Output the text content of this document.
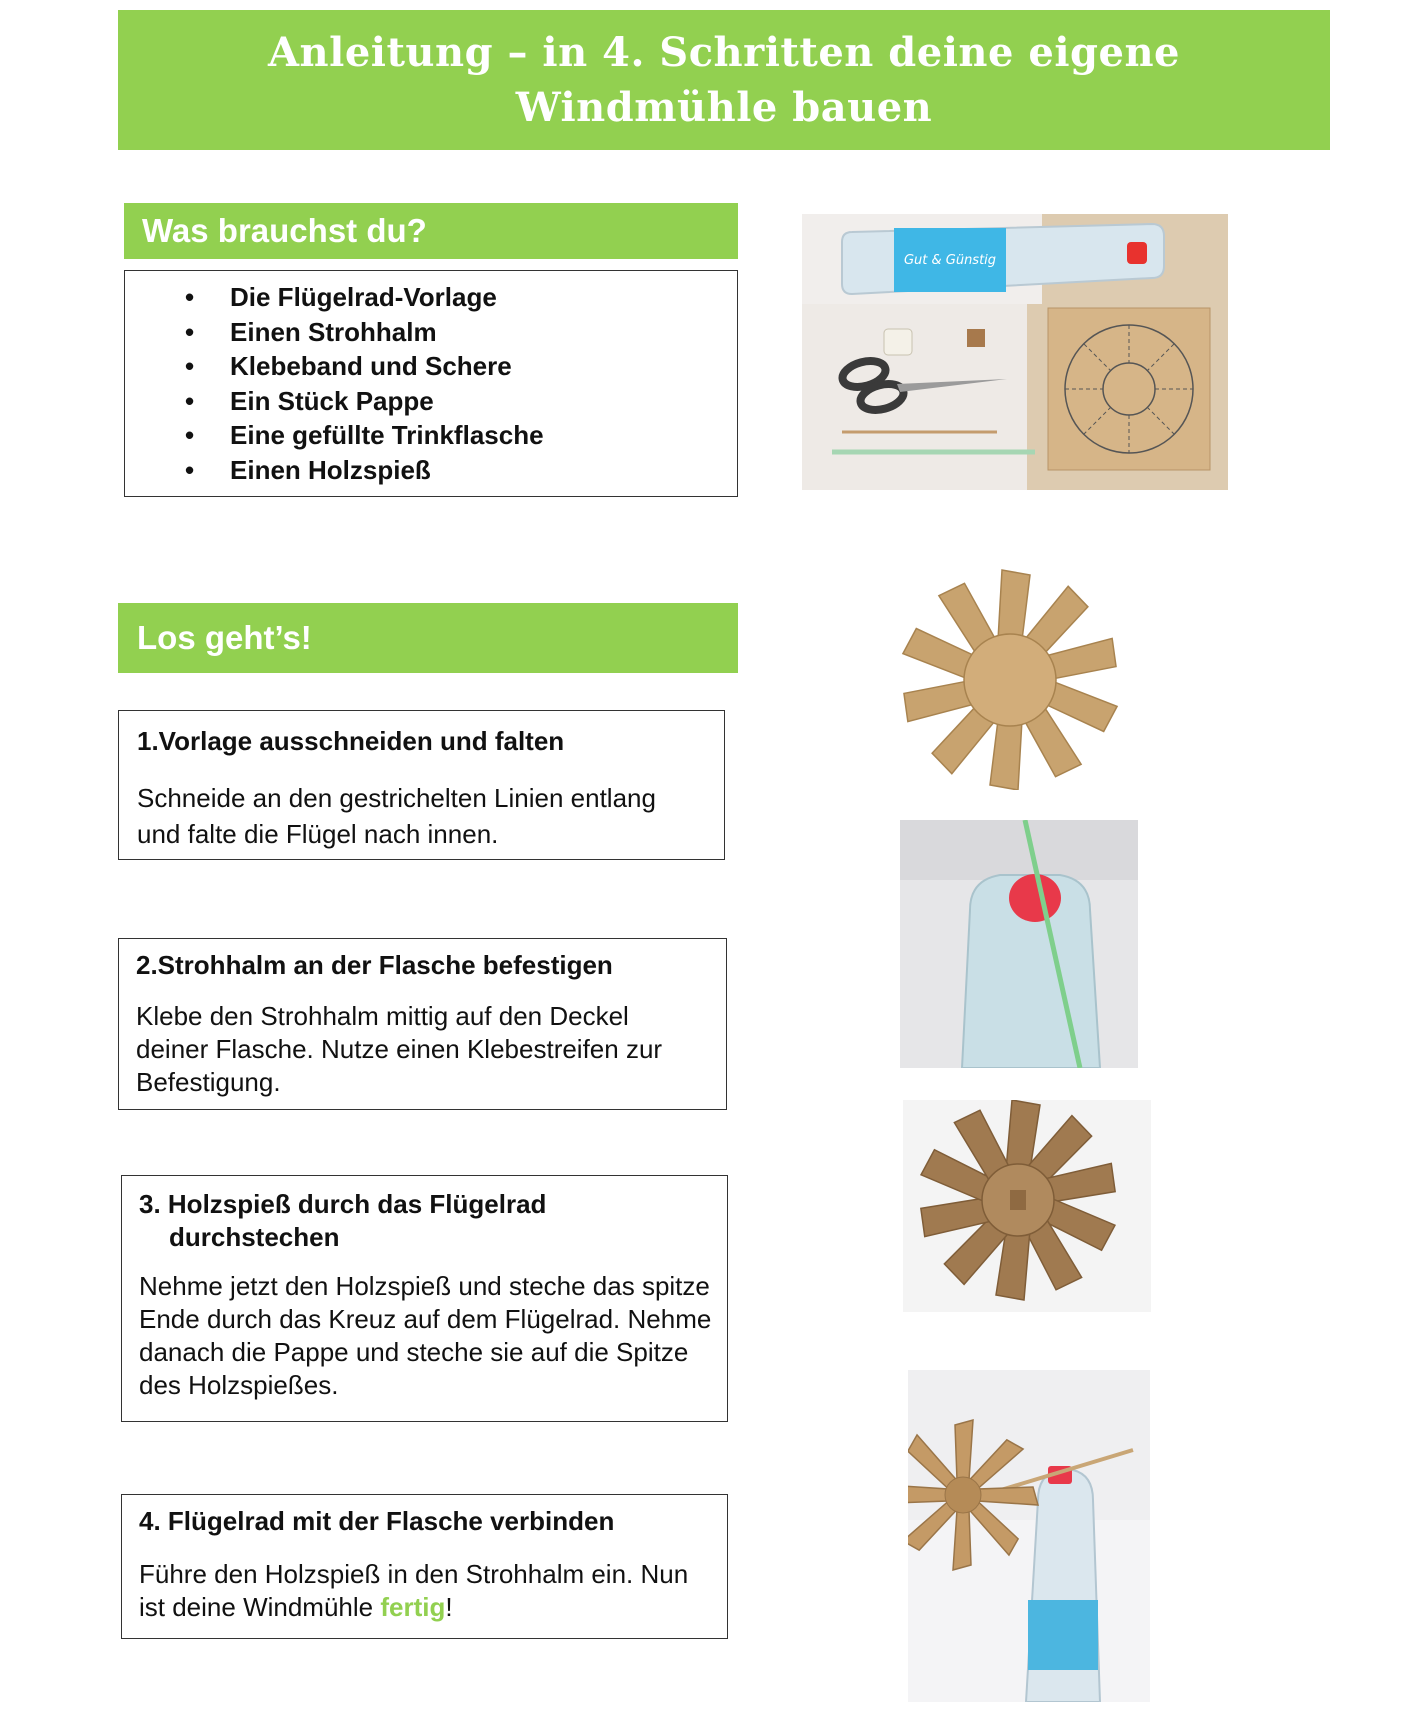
Anleitung – in 4. Schritten deine eigene Windmühle bauen
Was brauchst du?
• Die Flügelrad-Vorlage
• Einen Strohhalm
• Klebeband und Schere
• Ein Stück Pappe
• Eine gefüllte Trinkflasche
• Einen Holzspieß
Gut & Günstig
Los geht’s!

1.Vorlage ausschneiden und falten

Schneide an den gestrichelten Linien entlang und falte die Flügel nach innen.

2.Strohhalm an der Flasche befestigen

Klebe den Strohhalm mittig auf den Deckel deiner Flasche. Nutze einen Klebestreifen zur Befestigung.

3. Holzspieß durch das Flügelrad durchstechen

Nehme jetzt den Holzspieß und steche das spitze Ende durch das Kreuz auf dem Flügelrad. Nehme danach die Pappe und steche sie auf die Spitze des Holzspießes.

4. Flügelrad mit der Flasche verbinden

Führe den Holzspieß in den Strohhalm ein. Nun ist deine Windmühle fertig!
